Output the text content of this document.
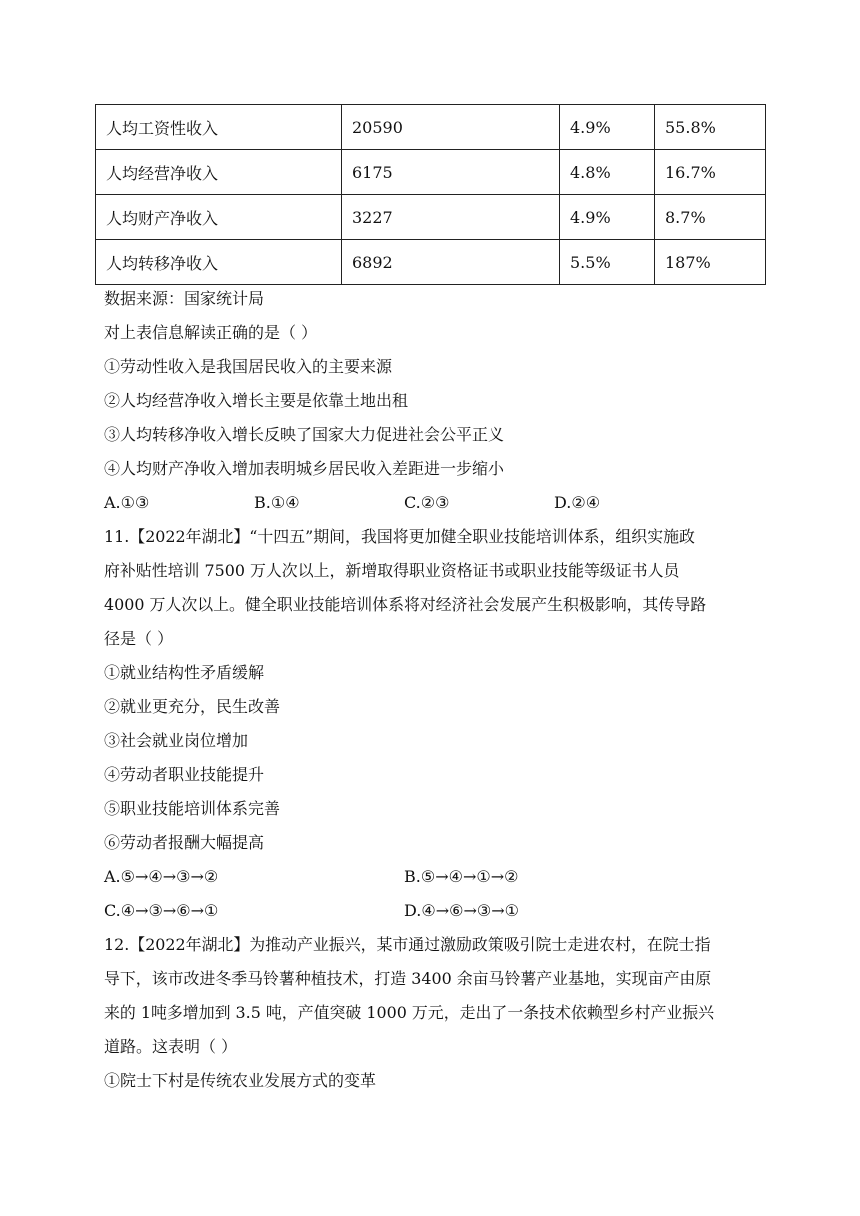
人均工资性收入	20590	4.9%	55.8%
人均经营净收入	6175	4.8%	16.7%
人均财产净收入	3227	4.9%	8.7%
人均转移净收入	6892	5.5%	187%
数据来源：国家统计局
对上表信息解读正确的是（ ）
①劳动性收入是我国居民收入的主要来源
②人均经营净收入增长主要是依靠土地出租
③人均转移净收入增长反映了国家大力促进社会公平正义
④人均财产净收入增加表明城乡居民收入差距进一步缩小
A.①③	B.①④	C.②③	D.②④
11.【2022年湖北】“十四五”期间，我国将更加健全职业技能培训体系，组织实施政
府补贴性培训 7500 万人次以上，新增取得职业资格证书或职业技能等级证书人员
4000 万人次以上。健全职业技能培训体系将对经济社会发展产生积极影响，其传导路
径是（ ）
①就业结构性矛盾缓解
②就业更充分，民生改善
③社会就业岗位增加
④劳动者职业技能提升
⑤职业技能培训体系完善
⑥劳动者报酬大幅提高
A.⑤→④→③→②	B.⑤→④→①→②
C.④→③→⑥→①	D.④→⑥→③→①
12.【2022年湖北】为推动产业振兴，某市通过激励政策吸引院士走进农村，在院士指
导下，该市改进冬季马铃薯种植技术，打造 3400 余亩马铃薯产业基地，实现亩产由原
来的 1吨多增加到 3.5 吨，产值突破 1000 万元，走出了一条技术依赖型乡村产业振兴
道路。这表明（ ）
①院士下村是传统农业发展方式的变革
